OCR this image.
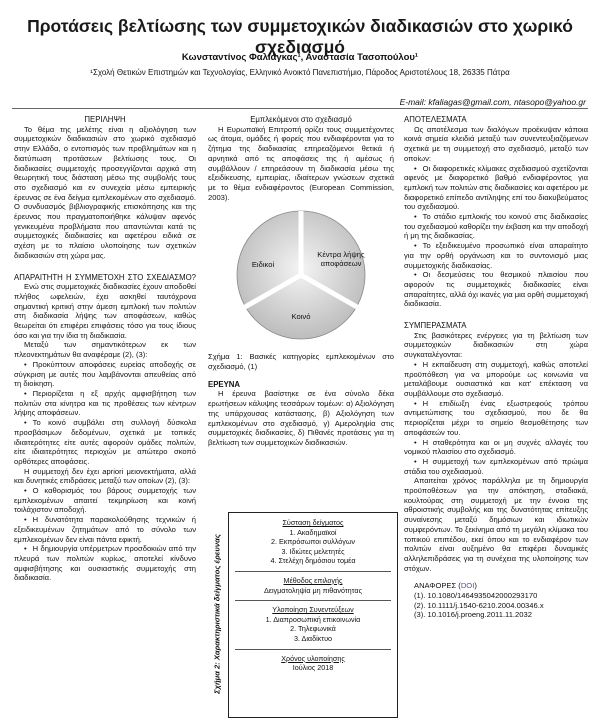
Προτάσεις βελτίωσης των συμμετοχικών διαδικασιών στο χωρικό σχεδιασμό
Κωνσταντίνος Φαλιάγκας¹, Αναστασία Τασοπούλου¹
¹Σχολή Θετικών Επιστημών και Τεχνολογίας, Ελληνικό Ανοικτό Πανεπιστήμιο, Πάροδος Αριστοτέλους 18, 26335 Πάτρα
E-mail: kfaliagas@gmail.com, ntasopo@yahoo.gr
ΠΕΡΙΛΗΨΗ

Το θέμα της μελέτης είναι η αξιολόγηση των συμμετοχικών διαδικασιών στο χωρικό σχεδιασμό στην Ελλάδα, ο εντοπισμός των προβλημάτων και η διατύπωση προτάσεων βελτίωσης τους. Οι διαδικασίες συμμετοχής προσεγγίζονται αρχικά στη θεωρητική τους διάσταση μέσω της συμβολής τους στο σχεδιασμό και εν συνεχεία μέσω εμπειρικής έρευνας σε ένα δείγμα εμπλεκομένων στο σχεδιασμό. Ο συνδυασμός βιβλιογραφικής επισκόπησης και της έρευνας που πραγματοποιήθηκε κάλυψαν αφενός γενικευμένα προβλήματα που απαντώνται κατά τις συμμετοχικές διαδικασίες και αφετέρου ειδικά σε σχέση με το πλαίσιο υλοποίησης των σχετικών διαδικασιών στη χώρα μας.

ΑΠΑΡΑΙΤΗΤΗ Η ΣΥΜΜΕΤΟΧΗ ΣΤΟ ΣΧΕΔΙΑΣΜΟ?

Ενώ στις συμμετοχικές διαδικασίες έχουν αποδοθεί πλήθος ωφελειών, έχει ασκηθεί ταυτόχρονα σημαντική κριτική στην άμεση εμπλοκή των πολιτών στη διαδικασία λήψης των αποφάσεων, καθώς θεωρείται ότι επιφέρει επιφάσεις τόσο για τους ίδιους όσο και για την ίδια τη διαδικασία.

Μεταξύ των σημαντικότερων εκ των πλεονεκτημάτων θα αναφέραμε (2), (3):

• Προκύπτουν αποφάσεις ευρείας αποδοχής σε σύγκριση με αυτές που λαμβάνονται απευθείας από τη διοίκηση.
• Περιορίζεται η εξ αρχής αμφισβήτηση των πολιτών στα κίνητρα και τις προθέσεις των κέντρων λήψης αποφάσεων.
• Το κοινό συμβάλει στη συλλογή δύσκολα προσβάσιμων δεδομένων, σχετικά με τοπικές ιδιαιτερότητες είτε αυτές αφορούν ομάδες πολιτών, είτε ιδιαιτερότητες περιοχών με απώτερο σκοπό ορθότερες αποφάσεις.

Η συμμετοχή δεν έχει apriori μειονεκτήματα, αλλά και δυνητικές επιδράσεις μεταξύ των οποίων (2), (3):

• Ο καθορισμός του βάρους συμμετοχής των εμπλεκομένων απαιτεί τεκμηρίωση και κοινή τοιλάχιστον αποδοχή.
• Η δυνατότητα παρακολούθησης τεχνικών ή εξειδικευμένων ζητημάτων από το σύνολο των εμπλεκομένων δεν είναι πάντα εφικτή.
• Η δημιουργία υπέρμετρων προσδοκιών από την πλευρά των πολιτών κυρίως, αποτελεί κίνδυνο αμφισβήτησης και ουσιαστικής συμμετοχής στη διαδικασία.
Εμπλεκόμενοι στο σχεδιασμό

Η Ευρωπαϊκή Επιτροπή ορίζει τους συμμετέχοντες ως άτομα, ομάδες ή φορείς που ενδιαφέρονται για το ζήτημα της διαδικασίας επηρεαζόμενοι θετικά ή αρνητικά από τις αποφάσεις της ή αμέσως ή συμβάλλουν / επηρεάσουν τη διαδικασία μέσω της εξειδίκευσης, εμπειρίας, ιδιαίτερων γνώσεων σχετικά με το θέμα ενδιαφέροντος (European Commission, 2003).

Ειδικοί
Κέντρα λήψης αποφάσεων
Κοινό

Σχήμα 1: Βασικές κατηγορίες εμπλεκομένων στο σχεδιασμό, (1)

ΕΡΕΥΝΑ

Η έρευνα βασίστηκε σε ένα σύνολο δέκα ερωτήσεων κάλυψης τεσσάρων τομέων: α) Αξιολόγηση της υπάρχουσας κατάστασης, β) Αξιολόγηση των εμπλεκομένων στο σχεδιασμό, γ) Αμεροληψία στις συμμετοχικές διαδικασίες, δ) Πιθανές προτάσεις για τη βελτίωση των συμμετοχικών διαδικασιών.

Σχήμα 2: Χαρακτηριστικά δείγματος έρευνας
Σύσταση δείγματος
1. Ακαδημαϊκοί
2. Εκπρόσωποι συλλόγων
3. Ιδιώτες μελετητές
4. Στελέχη δημόσιου τομέα
Μέθοδος επιλογής
Δειγματοληψία μη πιθανότητας
Υλοποίηση Συνεντεύξεων
1. Διαπροσωπική επικοινωνία
2. Τηλεφωνικά
3. Διαδίκτυο
Χρόνος υλοποίησης
Ιούλιος 2018
ΑΠΟΤΕΛΕΣΜΑΤΑ

Ως αποτέλεσμα των διαλόγων προέκυψαν κάποια κοινά σημεία κλειδιά μεταξύ των συνεντευξιαζόμενων σχετικά με τη συμμετοχή στο σχεδιασμό, μεταξύ των οποίων:

• Οι διαφορετικές κλίμακες σχεδιασμού σχετίζονται αφενός με διαφορετικό βαθμό ενδιαφέροντος για εμπλοκή των πολιτών στις διαδικασίες και αφετέρου με διαφορετικό επίπεδο αντίληψης επί του διακυβεύματος του σχεδιασμού.
• Το στάδιο εμπλοκής του κοινού στις διαδικασίες του σχεδιασμού καθορίζει την έκβαση και την αποδοχή ή μη της διαδικασίας.
• Το εξειδικευμένο προσωπικό είναι απαραίτητο για την ορθή οργάνωση και το συντονισμό μιας συμμετοχικής διαδικασίας.
• Οι δεσμεύσεις του θεσμικού πλαισίου που αφορούν τις συμμετοχικές διαδικασίες είναι απαραίτητες, αλλά όχι ικανές για μια ορθή συμμετοχική διαδικασία.
ΣΥΜΠΕΡΑΣΜΑΤΑ

Στις βασικότερες ενέργειες για τη βελτίωση των συμμετοχικών διαδικασιών στη χώρα συγκαταλέγονται:

• Η εκπαίδευση στη συμμετοχή, καθώς αποτελεί προϋπόθεση για να μπορούμε ως κοινωνία να μεταλάβουμε ουσιαστικά και κατ' επέκταση να συμβάλλουμε στο σχεδιασμό.
• Η επιδίωξη ένας εξωστρεφούς τρόπου αντιμετώπισης του σχεδιασμού, που δε θα περιορίζεται μέχρι το σημείο θεσμοθέτησης των αποφάσεών του.
• Η σταθερότητα και οι μη συχνές αλλαγές του νομικού πλαισίου στο σχεδιασμό.
• Η συμμετοχή των εμπλεκομένων από πρώιμα στάδια του σχεδιασμού.

Απαιτείται χρόνος παράλληλα με τη δημιουργία προϋποθέσεων για την απόκτηση, σταδιακά, κουλτούρας στη συμμετοχή με την έννοια της αθροιστικής συμβολής και της δυνατότητας επίτευξης συναίνεσης μεταξύ δημόσιων και ιδιωτικών συμφερόντων. Το ξεκίνημα από τη μεγάλη κλίμακα του τοπικού επιπέδου, εκεί όπου και το ενδιαφέρον των πολιτών είναι αυξημένο θα επιφέρει δυναμικές αλληλεπιδράσεις για τη συνέχεια της υλοποίησης των στόχων.

ΑΝΑΦΟΡΕΣ (DOI)
(1). 10.1080/1464935042000293170
(2). 10.1111/j.1540-6210.2004.00346.x
(3). 10.1016/j.proeng.2011.11.2032
